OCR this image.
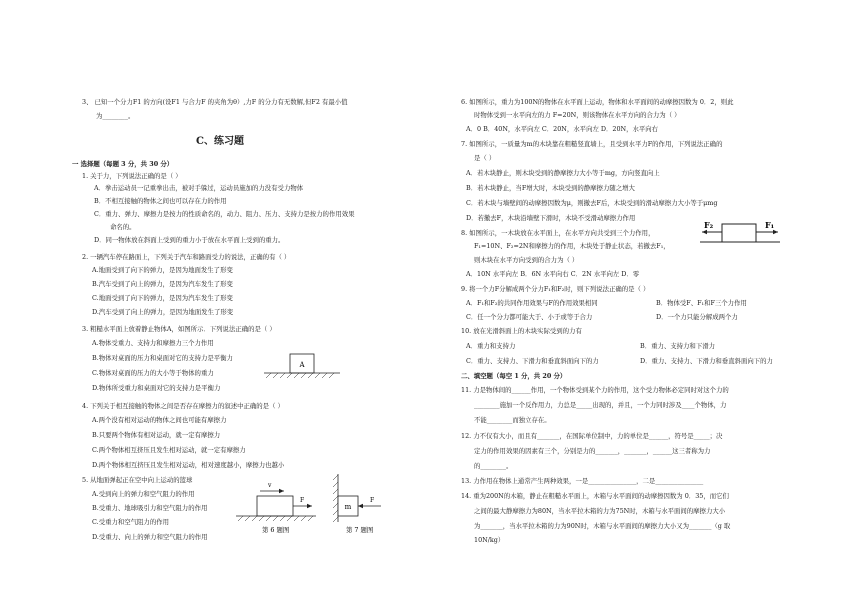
3、 已知一个分力F1 的方向(设F1 与合力F 的夹角为θ）,力F 的分力有无数解,但F2 有最小值
为________。
C、练习题
一 选择题（每题 3 分，共 30 分）
1. 关于力，下列说法正确的是（ ）
A．拳击运动员一记重拳出击，被对手躲过，运动员施加的力没有受力物体
B．不相互接触的物体之间也可以存在力的作用
C．重力、弹力、摩擦力是按力的性质命名的，动力、阻力、压力、支持力是按力的作用效果
命名的。
D．同一物体放在斜面上受到的重力小于放在水平面上受到的重力。
2. 一辆汽车停在路面上，下列关于汽车和路面受力的说法，正确的有（ ）
A.地面受到了向下的弹力，是因为地面发生了形变
B.汽车受到了向上的弹力，是因为汽车发生了形变
C.地面受到了向下的弹力，是因为汽车发生了形变
D.汽车受到了向上的弹力，是因为地面发生了形变
3. 粗糙水平面上放着静止物体A，如图所示．下列说法正确的是（ ）
A.物体受重力、支持力和摩擦力三个力作用
B.物体对桌面的压力和桌面对它的支持力是平衡力
C.物体对桌面的压力的大小等于物体的重力
D.物体所受重力和桌面对它的支持力是平衡力
A
4. 下列关于相互接触的物体之间是否存在摩擦力的叙述中正确的是（ ）
A.两个没有相对运动的物体之间也可能有摩擦力
B.只要两个物体有相对运动，就一定有摩擦力
C.两个物体相互挤压且发生相对运动，就一定有摩擦力
D.两个物体相互挤压且发生相对运动，相对速度越小，摩擦力也越小
5. 从地面弹起正在空中向上运动的篮球
A.受到向上的弹力和空气阻力的作用
B.受重力、地球吸引力和空气阻力的作用
C.受重力和空气阻力的作用
D.受重力、向上的弹力和空气阻力的作用
v
F
第 6 题图
m
F
第 7 题图
6. 如图所示，重力为100N的物体在水平面上运动，物体和水平面间的动摩擦因数为 0．2，则此
时物体受到一水平向左的力 F=20N，则该物体在水平方向的合力为（ ）
A．0 B．40N，水平向左 C．20N，水平向左 D．20N，水平向右
7. 如图所示，一质量为m的木块靠在粗糙竖直墙上，且受到水平力F的作用，下列说法正确的
是（ ）
A．若木块静止，则木块受到的静摩擦力大小等于mg，方向竖直向上
B．若木块静止，当F增大时，木块受到的静摩擦力随之增大
C．若木块与墙壁间的动摩擦因数为μ，则撤去F后，木块受到的滑动摩擦力大小等于μmg
D．若撤去F，木块沿墙壁下滑时，木块不受滑动摩擦力作用
8. 如图所示，一木块放在水平面上，在水平方向共受到三个力作用，
F₁=10N、F₂=2N和摩擦力的作用，木块处于静止状态，若撤去F₁，
则木块在水平方向受到的合力为（ ）
A．10N 水平向左 B．6N 水平向右 C．2N 水平向左 D．零
F₂	F₁
9. 将一个力F分解成两个分力F₁和F₂时，则下列说法正确的是（ ）
A．F₁和F₂的共同作用效果与F的作用效果相同	B．物体受F、F₁和F三个力作用
C．任一个分力都可能大于、小于或等于合力	D．一个力只能分解成两个力
10. 放在光滑斜面上的木块实际受到的力有
A．重力和支持力	B．重力、支持力和下滑力
C．重力、支持力、下滑力和垂直斜面向下的力	D．重力、支持力、下滑力和垂直斜面向下的力
二、填空题（每空 1 分，共 20 分）
11. 力是物体间的______作用，一个物体受到某个力的作用，这个受力物体必定同时对这个力的
________施加一个反作用力，力总是_____出现的，并且，一个力同时涉及____个物体，力
不能________而独立存在。
12. 力不仅有大小，而且有_______，在国际单位制中，力的单位是______，符号是_____；决
定力的作用效果的因素有三个，分别是力的_______，_______，______这三者称为力
的________。
13. 力作用在物体上通常产生两种效果，一是_______________，二是_______________
14. 重为200N的木箱，静止在粗糙水平面上，木箱与水平面间的动摩擦因数为 0．35，而它们
之间的最大静摩擦力为80N，当水平拉木箱的力为75N时，木箱与水平面间的摩擦力大小
为_______，当水平拉木箱的力为90N时，木箱与水平面间的摩擦力大小又为_______（g 取
10N/kg）
